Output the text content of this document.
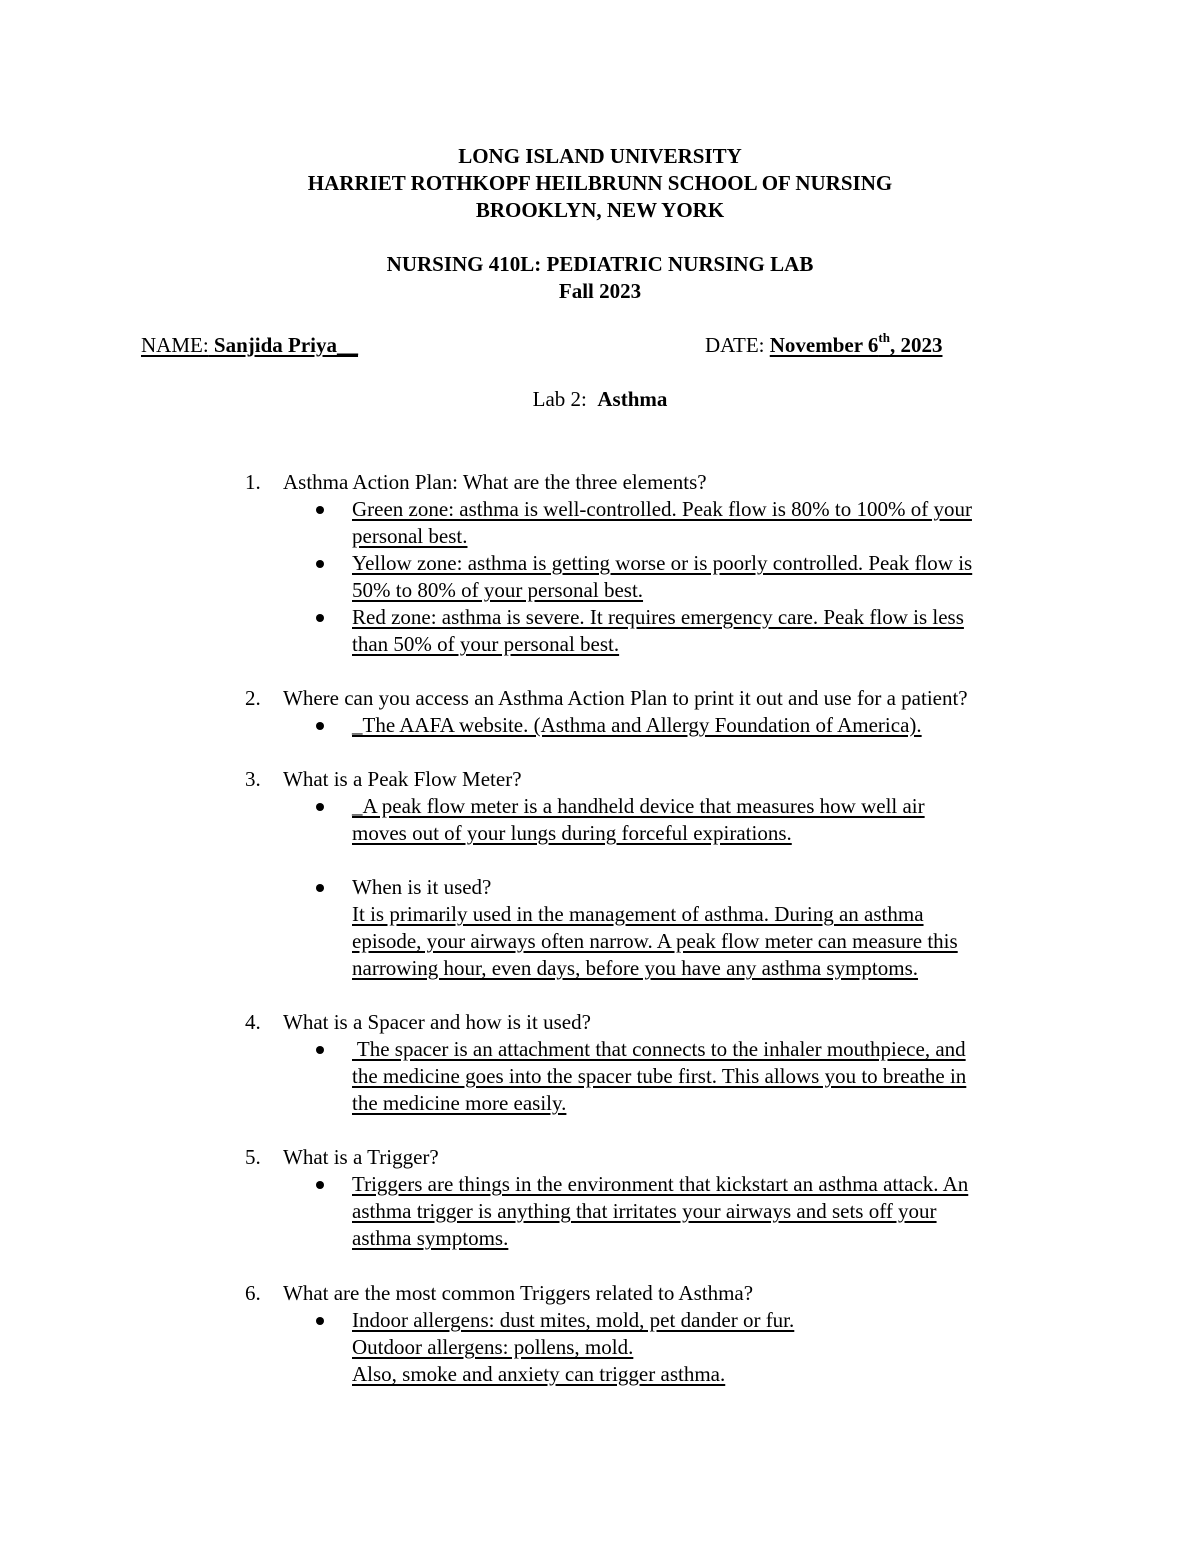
LONG ISLAND UNIVERSITY
HARRIET ROTHKOPF HEILBRUNN SCHOOL OF NURSING
BROOKLYN, NEW YORK
NURSING 410L: PEDIATRIC NURSING LAB
Fall 2023
NAME: Sanjida Priya__	DATE: November 6th, 2023
Lab 2: Asthma
1.	Asthma Action Plan: What are the three elements?
Green zone: asthma is well-controlled. Peak flow is 80% to 100% of your
personal best.
Yellow zone: asthma is getting worse or is poorly controlled. Peak flow is
50% to 80% of your personal best.
Red zone: asthma is severe. It requires emergency care. Peak flow is less
than 50% of your personal best.
2.	Where can you access an Asthma Action Plan to print it out and use for a patient?
_The AAFA website. (Asthma and Allergy Foundation of America).
3.	What is a Peak Flow Meter?
_A peak flow meter is a handheld device that measures how well air
moves out of your lungs during forceful expirations.
When is it used?
It is primarily used in the management of asthma. During an asthma
episode, your airways often narrow. A peak flow meter can measure this
narrowing hour, even days, before you have any asthma symptoms.
4.	What is a Spacer and how is it used?
The spacer is an attachment that connects to the inhaler mouthpiece, and
the medicine goes into the spacer tube first. This allows you to breathe in
the medicine more easily.
5.	What is a Trigger?
Triggers are things in the environment that kickstart an asthma attack. An
asthma trigger is anything that irritates your airways and sets off your
asthma symptoms.
6.	What are the most common Triggers related to Asthma?
Indoor allergens: dust mites, mold, pet dander or fur.
Outdoor allergens: pollens, mold.
Also, smoke and anxiety can trigger asthma.
